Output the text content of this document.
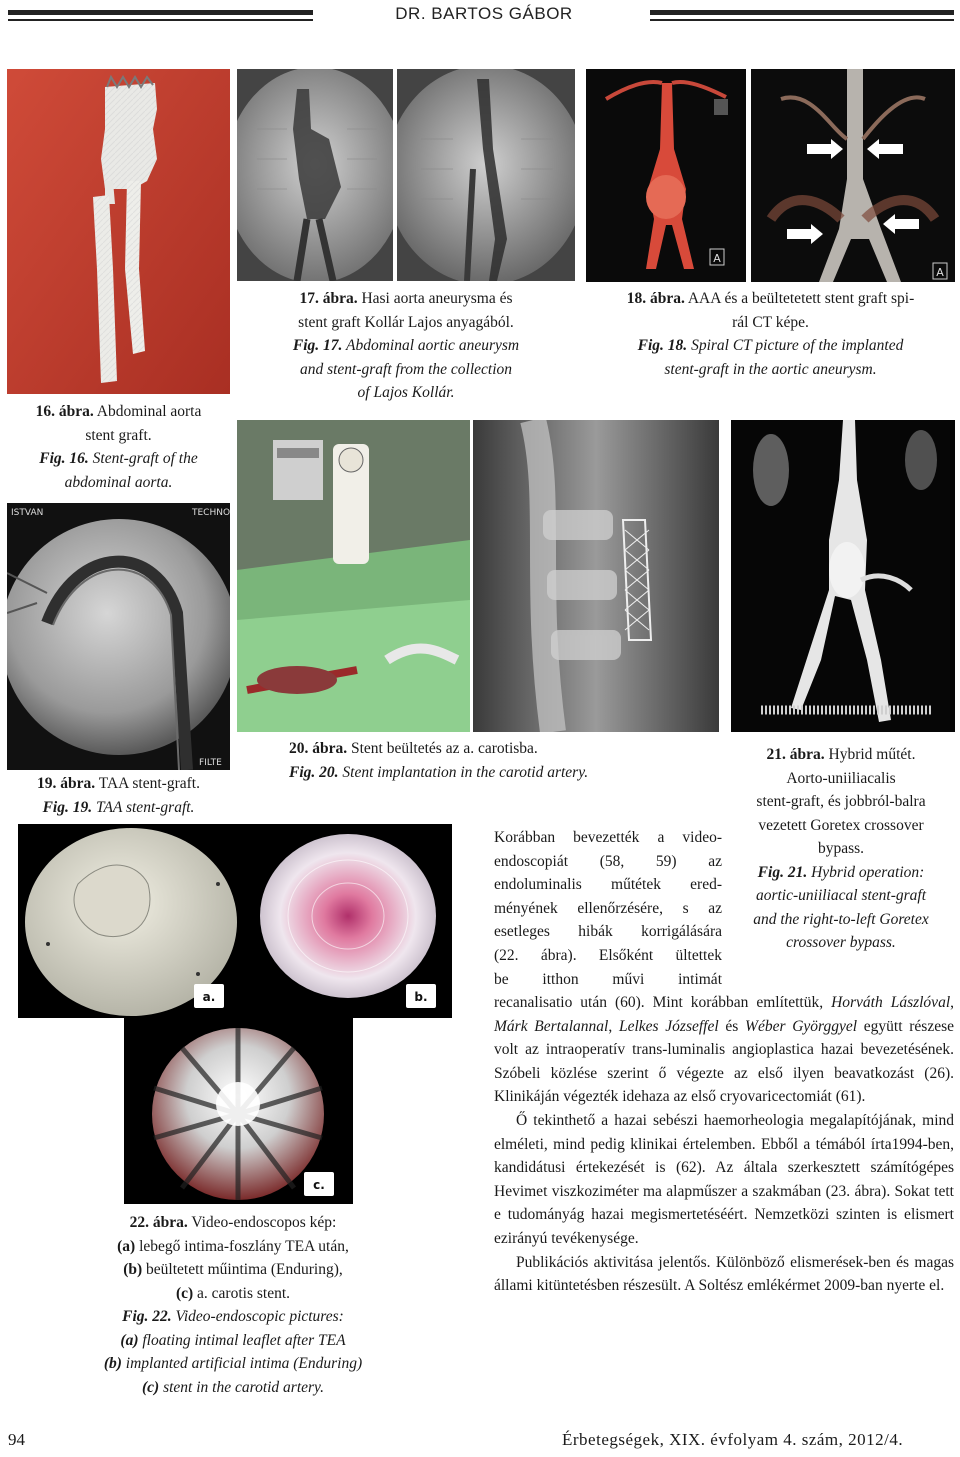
DR. BARTOS GÁBOR
A
A
16. ábra. Abdominal aorta
stent graft.
Fig. 16. Stent-graft of the
abdominal aorta.
17. ábra. Hasi aorta aneurysma és
stent graft Kollár Lajos anyagából.
Fig. 17. Abdominal aortic aneurysm
and stent-graft from the collection
of Lajos Kollár.
18. ábra. AAA és a beültetetett stent graft spi-
rál CT képe.
Fig. 18. Spiral CT picture of the implanted
stent-graft in the aortic aneurysm.
ISTVAN	TECHNO
FILTE
19. ábra. TAA stent-graft.
Fig. 19. TAA stent-graft.
20. ábra. Stent beültetés az a. carotisba.
Fig. 20. Stent implantation in the carotid artery.
21. ábra. Hybrid műtét.
Aorto-uniiliacalis
stent-graft, és jobbról-balra
vezetett Goretex crossover
bypass.
Fig. 21. Hybrid operation:
aortic-uniiliacal stent-graft
and the right-to-left Goretex
crossover bypass.
a.	b.
c.
22. ábra. Video-endoscopos kép:
(a) lebegő intima-foszlány TEA után,
(b) beültetett műintima (Enduring),
(c) a. carotis stent.
Fig. 22. Video-endoscopic pictures:
(a) floating intimal leaflet after TEA
(b) implanted artificial intima (Enduring)
(c) stent in the carotid artery.

Korábban bevezették a video-

endoscopiát (58, 59) az

endoluminalis műtétek ered-

ményének ellenőrzésére, s az

esetleges hibák korrigálására

(22. ábra). Elsőként ültettek

be itthon művi intimát

recanalisatio után (60). Mint korábban említettük, Horváth Lászlóval, Márk Bertalannal, Lelkes Józseffel és Wéber Györggyel együtt részese volt az intraoperatív trans-luminalis angioplastica hazai bevezetésének. Szóbeli közlése szerint ő végezte az első ilyen beavatkozást (26). Klinikáján végezték idehaza az első cryovaricectomiát (61).

Ő tekinthető a hazai sebészi haemorheologia megalapítójának, mind elméleti, mind pedig klinikai értelemben. Ebből a témából írta1994-ben, kandidátusi értekezését is (62). Az általa szerkesztett számítógépes Hevimet viszkoziméter ma alapműszer a szakmában (23. ábra). Sokat tett e tudományág hazai megismertetéséért. Nemzetközi szinten is elismert ezirányú tevékenysége.

Publikációs aktivitása jelentős. Különböző elismerések-ben és magas állami kitüntetésben részesült. A Soltész emlékérmet 2009-ban nyerte el.

94	Érbetegségek, XIX. évfolyam 4. szám, 2012/4.
